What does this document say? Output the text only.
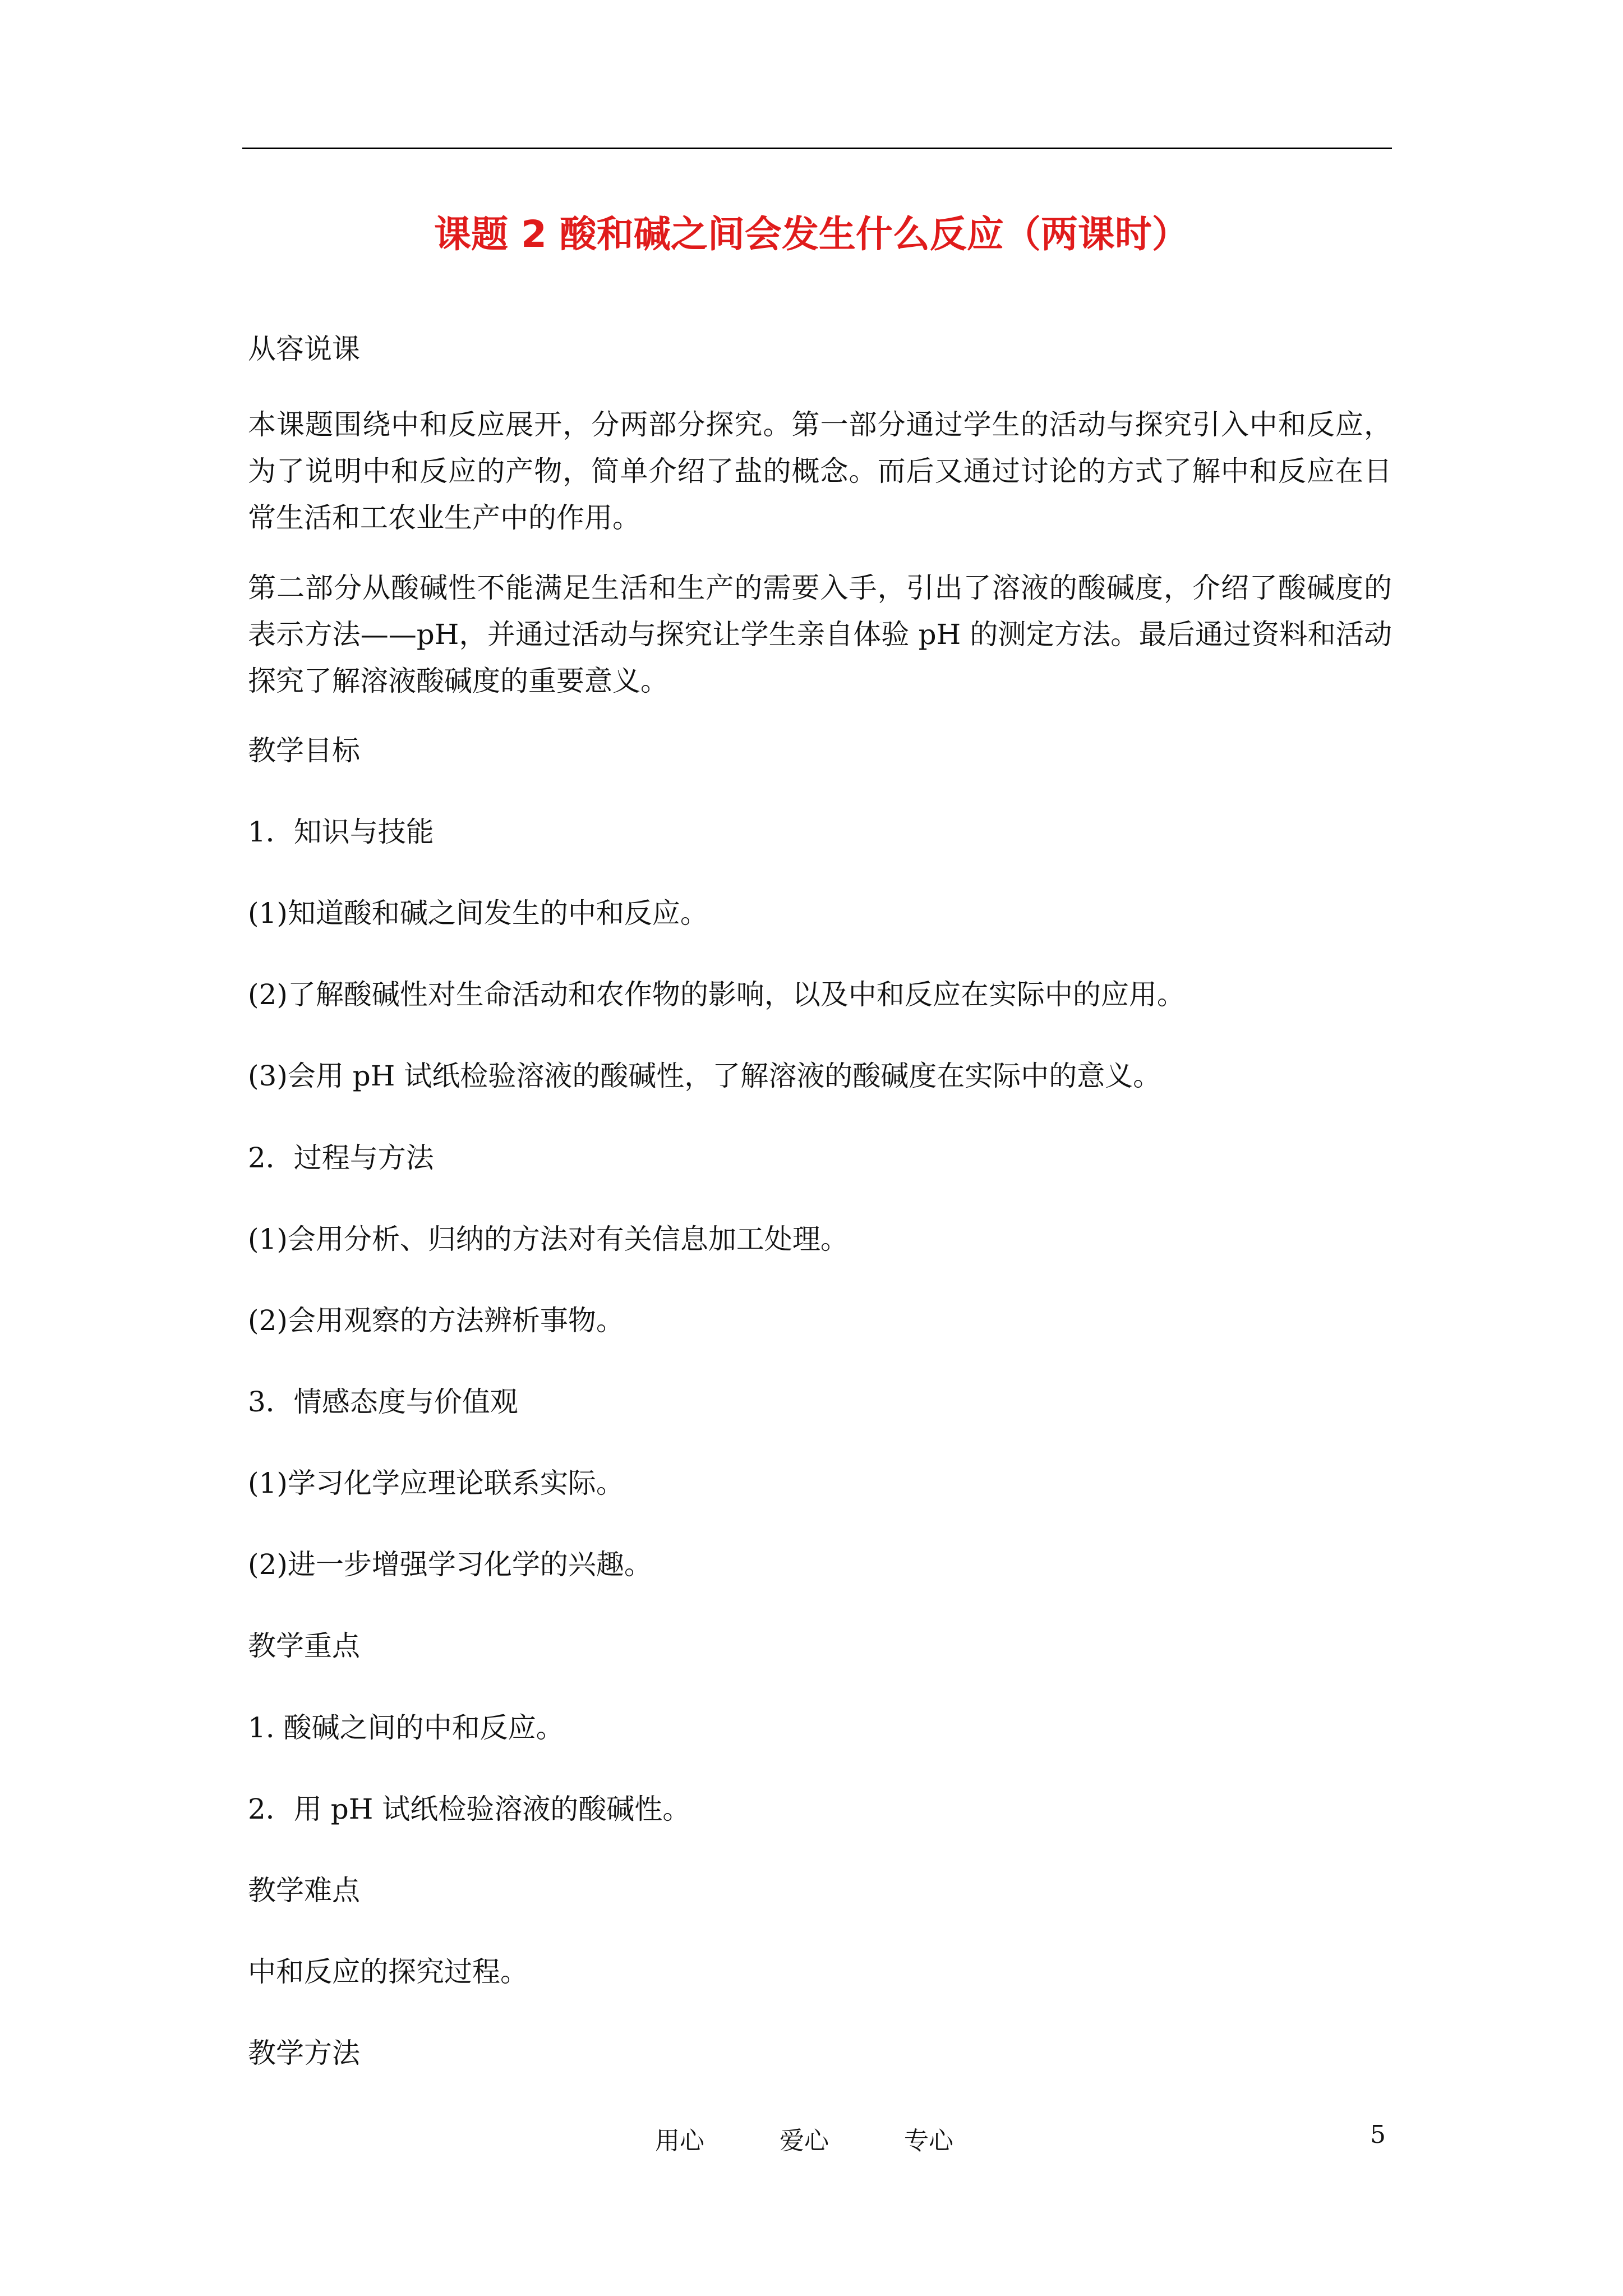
课题 2 酸和碱之间会发生什么反应（两课时）
从容说课
本课题围绕中和反应展开，分两部分探究。第一部分通过学生的活动与探究引入中和反应，为了说明中和反应的产物，简单介绍了盐的概念。而后又通过讨论的方式了解中和反应在日常生活和工农业生产中的作用。
第二部分从酸碱性不能满足生活和生产的需要入手，引出了溶液的酸碱度，介绍了酸碱度的表示方法——pH，并通过活动与探究让学生亲自体验 pH 的测定方法。最后通过资料和活动探究了解溶液酸碱度的重要意义。
教学目标
1．知识与技能
(1)知道酸和碱之间发生的中和反应。
(2)了解酸碱性对生命活动和农作物的影响，以及中和反应在实际中的应用。
(3)会用 pH 试纸检验溶液的酸碱性，了解溶液的酸碱度在实际中的意义。
2．过程与方法
(1)会用分析、归纳的方法对有关信息加工处理。
(2)会用观察的方法辨析事物。
3．情感态度与价值观
(1)学习化学应理论联系实际。
(2)进一步增强学习化学的兴趣。
教学重点
1. 酸碱之间的中和反应。
2．用 pH 试纸检验溶液的酸碱性。
教学难点
中和反应的探究过程。
教学方法
用心	爱心	专心	5
